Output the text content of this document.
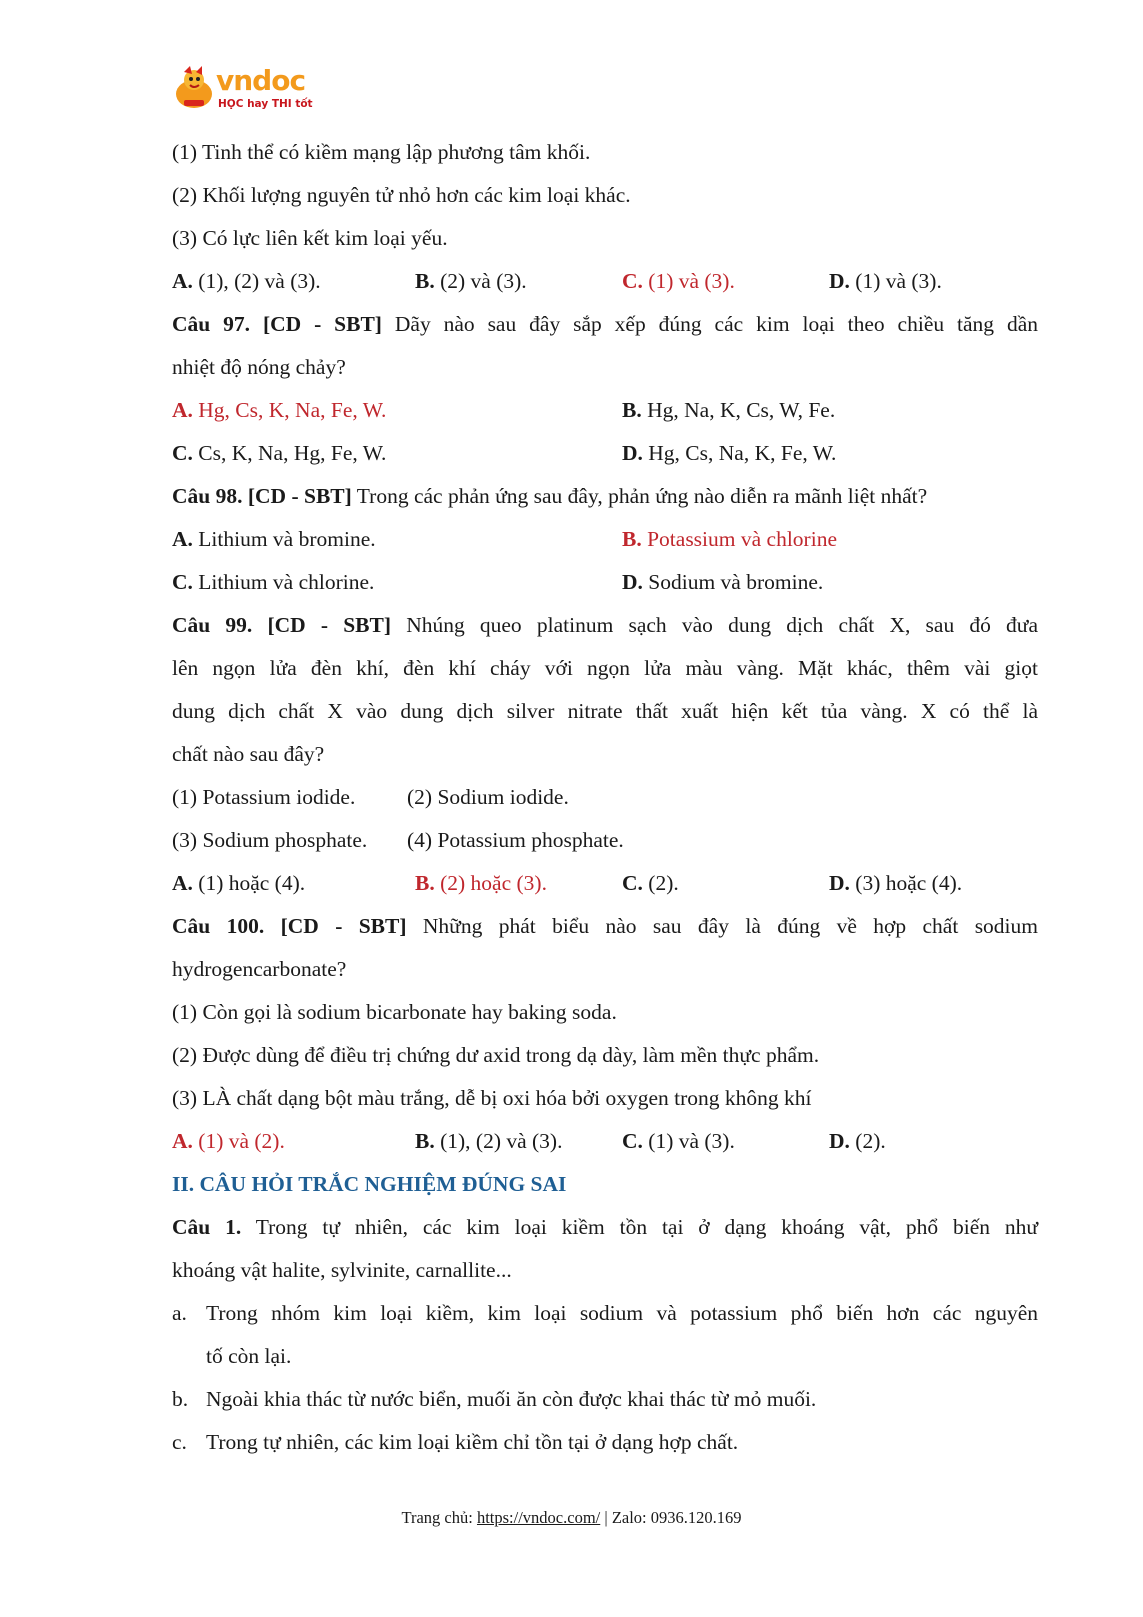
vndoc
HỌC hay THI tốt
(1) Tinh thể có kiềm mạng lập phương tâm khối.
(2) Khối lượng nguyên tử nhỏ hơn các kim loại khác.
(3) Có lực liên kết kim loại yếu.
A. (1), (2) và (3).	B. (2) và (3).	C. (1) và (3).	D. (1) và (3).
Câu 97. [CD - SBT] Dãy nào sau đây sắp xếp đúng các kim loại theo chiều tăng dần
nhiệt độ nóng chảy?
A. Hg, Cs, K, Na, Fe, W.	B. Hg, Na, K, Cs, W, Fe.
C. Cs, K, Na, Hg, Fe, W.	D. Hg, Cs, Na, K, Fe, W.
Câu 98. [CD - SBT] Trong các phản ứng sau đây, phản ứng nào diễn ra mãnh liệt nhất?
A. Lithium và bromine.	B. Potassium và chlorine
C. Lithium và chlorine.	D. Sodium và bromine.
Câu 99. [CD - SBT] Nhúng queo platinum sạch vào dung dịch chất X, sau đó đưa
lên ngọn lửa đèn khí, đèn khí cháy với ngọn lửa màu vàng. Mặt khác, thêm vài giọt
dung dịch chất X vào dung dịch silver nitrate thất xuất hiện kết tủa vàng. X có thể là
chất nào sau đây?
(1) Potassium iodide. (2) Sodium iodide.
(3) Sodium phosphate. (4) Potassium phosphate.
A. (1) hoặc (4).	B. (2) hoặc (3).	C. (2).	D. (3) hoặc (4).
Câu 100. [CD - SBT] Những phát biểu nào sau đây là đúng về hợp chất sodium
hydrogencarbonate?
(1) Còn gọi là sodium bicarbonate hay baking soda.
(2) Được dùng để điều trị chứng dư axid trong dạ dày, làm mền thực phẩm.
(3) LÀ chất dạng bột màu trắng, dễ bị oxi hóa bởi oxygen trong không khí
A. (1) và (2).	B. (1), (2) và (3).	C. (1) và (3).	D. (2).
II. CÂU HỎI TRẮC NGHIỆM ĐÚNG SAI
Câu 1. Trong tự nhiên, các kim loại kiềm tồn tại ở dạng khoáng vật, phổ biến như
khoáng vật halite, sylvinite, carnallite...
a. Trong nhóm kim loại kiềm, kim loại sodium và potassium phổ biến hơn các nguyên
tố còn lại.
b. Ngoài khia thác từ nước biển, muối ăn còn được khai thác từ mỏ muối.
c. Trong tự nhiên, các kim loại kiềm chỉ tồn tại ở dạng hợp chất.
Trang chủ: https://vndoc.com/ | Zalo: 0936.120.169
